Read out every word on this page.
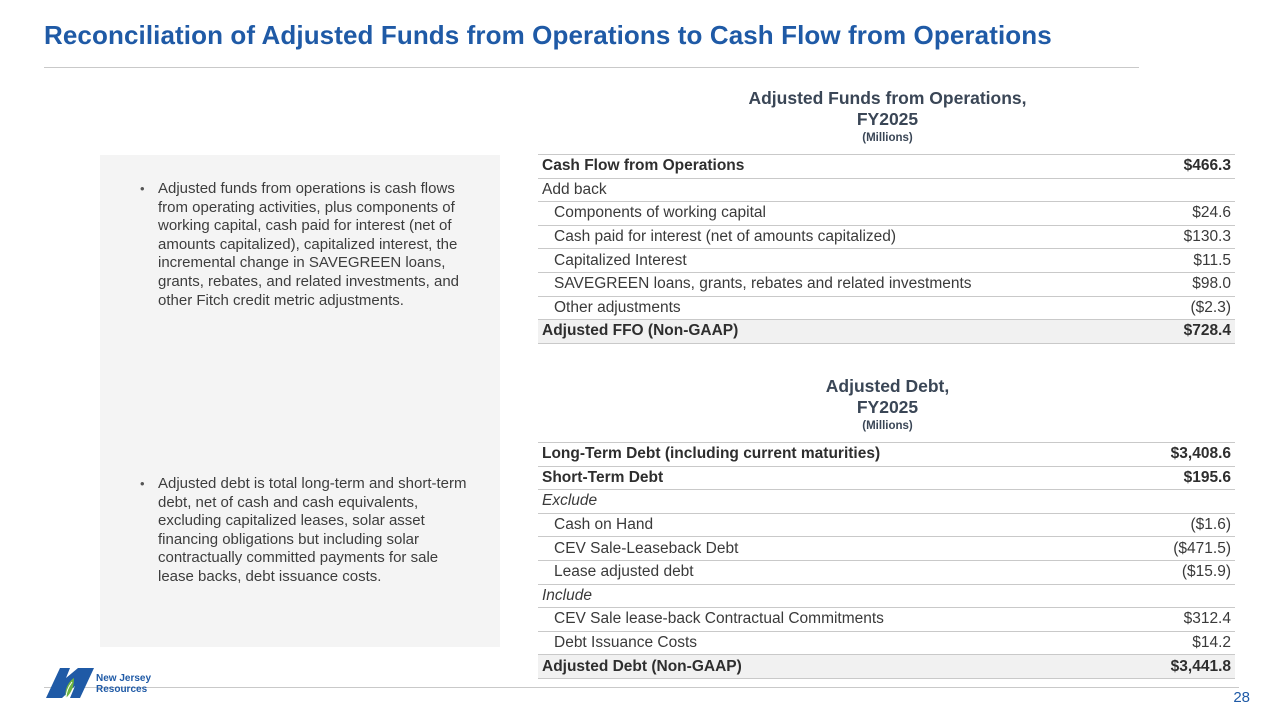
Reconciliation of Adjusted Funds from Operations to Cash Flow from Operations
• Adjusted funds from operations is cash flows from operating activities, plus components of working capital, cash paid for interest (net of amounts capitalized), capitalized interest, the incremental change in SAVEGREEN loans, grants, rebates, and related investments, and other Fitch credit metric adjustments.
• Adjusted debt is total long-term and short-term debt, net of cash and cash equivalents, excluding capitalized leases, solar asset financing obligations but including solar contractually committed payments for sale lease backs, debt issuance costs.
Adjusted Funds from Operations,
FY2025
(Millions)
Cash Flow from Operations	$466.3
Add back	
Components of working capital	$24.6
Cash paid for interest (net of amounts capitalized)	$130.3
Capitalized Interest	$11.5
SAVEGREEN loans, grants, rebates and related investments	$98.0
Other adjustments	($2.3)
Adjusted FFO (Non-GAAP)	$728.4
Adjusted Debt,
FY2025
(Millions)
Long-Term Debt (including current maturities)	$3,408.6
Short-Term Debt	$195.6
Exclude	
Cash on Hand	($1.6)
CEV Sale-Leaseback Debt	($471.5)
Lease adjusted debt	($15.9)
Include	
CEV Sale lease-back Contractual Commitments	$312.4
Debt Issuance Costs	$14.2
Adjusted Debt (Non-GAAP)	$3,441.8
New Jersey
Resources	28
